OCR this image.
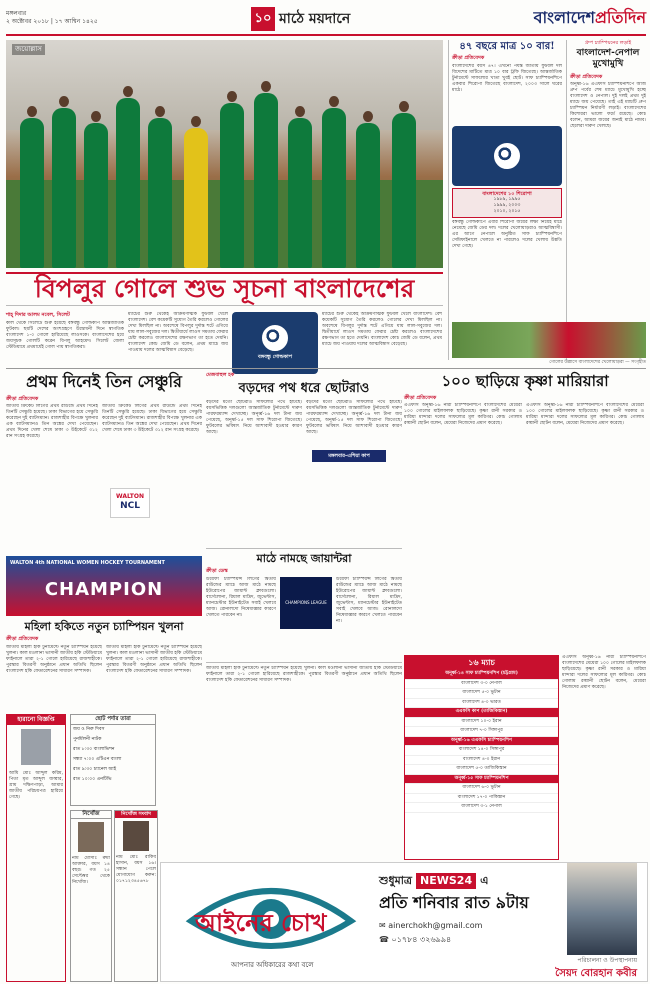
মঙ্গলবার
২ অক্টোবর ২০১৮ | ১৭ আশ্বিন ১৪২৫	১০ মাঠে ময়দানে	বাংলাদেশপ্রতিদিন
জয়োল্লাস
বিপলুর গোলে শুভ সূচনা বাংলাদেশের
শাহ্ দিদার আলম নবেল, সিলেট
কাল থেকে সিলেটে শুরু হয়েছে বঙ্গবন্ধু গোল্ডকাপ আন্তর্জাতিক ফুটবল। ছয়টি দেশের অংশগ্রহণে উদ্বোধনী দিনে স্বাগতিক বাংলাদেশ ১-০ গোলে হারিয়েছে লাওসকে। বাংলাদেশের হয়ে জয়সূচক গোলটি করেন বিপলু আহমেদ। সিলেট জেলা স্টেডিয়ামে প্রথমার্ধেই গোল পায় স্বাগতিকরা।
ম্যাচের শুরু থেকেই আক্রমণাত্মক ফুটবল খেলে বাংলাদেশ। বেশ কয়েকটি সুযোগ তৈরি করলেও গোলের দেখা মিলছিল না। অবশেষে বিপলুর দুর্দান্ত শটে এগিয়ে যায় লাল-সবুজের দল। দ্বিতীয়ার্ধে লাওস সমতায় ফেরার চেষ্টা করলেও বাংলাদেশের রক্ষণভাগ তা হতে দেয়নি। বাংলাদেশ কোচ জেমি ডে বলেন, প্রথম ম্যাচে জয় পাওয়ায় দলের আত্মবিশ্বাস বেড়েছে।
বঙ্গবন্ধু গোল্ডকাপ
ম্যাচের শুরু থেকেই আক্রমণাত্মক ফুটবল খেলে বাংলাদেশ। বেশ কয়েকটি সুযোগ তৈরি করলেও গোলের দেখা মিলছিল না। অবশেষে বিপলুর দুর্দান্ত শটে এগিয়ে যায় লাল-সবুজের দল। দ্বিতীয়ার্ধে লাওস সমতায় ফেরার চেষ্টা করলেও বাংলাদেশের রক্ষণভাগ তা হতে দেয়নি। বাংলাদেশ কোচ জেমি ডে বলেন, প্রথম ম্যাচে জয় পাওয়ায় দলের আত্মবিশ্বাস বেড়েছে।
৪৭ বছরে মাত্র ১০ বার!
ক্রীড়া প্রতিবেদক
বাংলাদেশের বয়স ৪৭। এখনো পর্যন্ত জাতীয় ফুটবল দল বিদেশের মাটিতে মাত্র ১০ বার ট্রফি জিতেছে। আন্তর্জাতিক টুর্নামেন্টে সাফল্যের খাতা খুবই ছোট। সাফ চ্যাম্পিয়নশিপে একবার শিরোপা জিতেছে বাংলাদেশ, ২০০৩ সালে ঘরের মাঠে।
বাংলাদেশের ১০ শিরোপা
১৯৮৯, ১৯৯৫
১৯৯৯, ২০০৩
২০১০, ২০১৫
বঙ্গবন্ধু গোল্ডকাপে এবার শিরোপা জয়ের লক্ষ্য নিয়েই মাঠে নেমেছে জেমি ডের দল। দলের খেলোয়াড়রাও আত্মবিশ্বাসী। এর আগে নেপালে অনুষ্ঠিত সাফ চ্যাম্পিয়নশিপে সেমিফাইনালে খেলতে না পারলেও দলের খেলায় উন্নতি দেখা গেছে।
গ্রুপ চ্যাম্পিয়নের লড়াই
বাংলাদেশ-নেপাল মুখোমুখি
ক্রীড়া প্রতিবেদক
অনূর্ধ্ব-১৬ এএফসি চ্যাম্পিয়নশিপে আজ গ্রুপ পর্বের শেষ ম্যাচে মুখোমুখি হচ্ছে বাংলাদেশ ও নেপাল। দুই দলই প্রথম দুই ম্যাচে জয় পেয়েছে। তাই এই ম্যাচটি গ্রুপ চ্যাম্পিয়ন নির্ধারণী লড়াই। বাংলাদেশের কিশোররা ভালো ফর্মে রয়েছে। কোচ বলেন, আমরা জয়ের জন্যই মাঠে নামব। ছেলেরা দারুণ খেলছে।
গোলের উল্লাসে বাংলাদেশের খেলোয়াড়রা — সংগৃহীত
প্রথম দিনেই তিন সেঞ্চুরি
ক্রীড়া প্রতিবেদক
জাতীয় ক্রিকেট লিগের প্রথম রাউন্ডে প্রথম দিনেই তিনটি সেঞ্চুরি হয়েছে। ঢাকা বিভাগের হয়ে সেঞ্চুরি করেছেন দুই ব্যাটসম্যান। রাজশাহীর বিপক্ষে খুলনার এক ব্যাটসম্যানও তিন অঙ্কের দেখা পেয়েছেন। প্রথম দিনের খেলা শেষে ঢাকা ৩ উইকেটে ৩১২ রান সংগ্রহ করেছে।
জাতীয় ক্রিকেট লিগের প্রথম রাউন্ডে প্রথম দিনেই তিনটি সেঞ্চুরি হয়েছে। ঢাকা বিভাগের হয়ে সেঞ্চুরি করেছেন দুই ব্যাটসম্যান। রাজশাহীর বিপক্ষে খুলনার এক ব্যাটসম্যানও তিন অঙ্কের দেখা পেয়েছেন। প্রথম দিনের খেলা শেষে ঢাকা ৩ উইকেটে ৩১২ রান সংগ্রহ করেছে।
WALTON
NCL
মেজবাহুল হক
বড়দের পথ ধরে ছোটরাও
বড়দের মতো ছোটরাও সাফল্যের পথে হাঁটছে। বয়সভিত্তিক দলগুলো আন্তর্জাতিক টুর্নামেন্টে দারুণ পারফরম্যান্স দেখাচ্ছে। অনূর্ধ্ব-১৬ দল টানা জয় পেয়েছে, অনূর্ধ্ব-১৫ দল সাফ শিরোপা জিতেছে। ফুটবলের ভবিষ্যৎ নিয়ে আশাবাদী হওয়ার কারণ আছে।
বড়দের মতো ছোটরাও সাফল্যের পথে হাঁটছে। বয়সভিত্তিক দলগুলো আন্তর্জাতিক টুর্নামেন্টে দারুণ পারফরম্যান্স দেখাচ্ছে। অনূর্ধ্ব-১৬ দল টানা জয় পেয়েছে, অনূর্ধ্ব-১৫ দল সাফ শিরোপা জিতেছে। ফুটবলের ভবিষ্যৎ নিয়ে আশাবাদী হওয়ার কারণ আছে।
মঙ্গলবার-এশিয়া কাপ
মাঠে নামছে জায়ান্টরা
ক্রীড়া ডেস্ক
উয়েফা চ্যাম্পিয়ন্স লিগের দ্বিতীয় রাউন্ডের ম্যাচে আজ মাঠে নামছে ইউরোপের জায়ান্ট ক্লাবগুলো। বার্সেলোনা, রিয়াল মাদ্রিদ, জুভেন্টাস, ম্যানচেস্টার ইউনাইটেড সবাই খেলবে আজ। রোনালদো নিষেধাজ্ঞার কারণে খেলতে পারবেন না।
CHAMPIONS LEAGUE
উয়েফা চ্যাম্পিয়ন্স লিগের দ্বিতীয় রাউন্ডের ম্যাচে আজ মাঠে নামছে ইউরোপের জায়ান্ট ক্লাবগুলো। বার্সেলোনা, রিয়াল মাদ্রিদ, জুভেন্টাস, ম্যানচেস্টার ইউনাইটেড সবাই খেলবে আজ। রোনালদো নিষেধাজ্ঞার কারণে খেলতে পারবেন না।
১০০ ছাড়িয়ে কৃষ্ণা মারিয়ারা
ক্রীড়া প্রতিবেদক
এএফসি অনূর্ধ্ব-১৬ নারী চ্যাম্পিয়নশিপে বাংলাদেশের মেয়েরা ১০০ গোলের মাইলফলক ছাড়িয়েছে। কৃষ্ণা রানী সরকার ও মারিয়া মান্দারা দলের সাফল্যের মূল কারিগর। কোচ গোলাম রব্বানী ছোটন বলেন, মেয়েরা নিজেদের প্রমাণ করেছে।
এএফসি অনূর্ধ্ব-১৬ নারী চ্যাম্পিয়নশিপে বাংলাদেশের মেয়েরা ১০০ গোলের মাইলফলক ছাড়িয়েছে। কৃষ্ণা রানী সরকার ও মারিয়া মান্দারা দলের সাফল্যের মূল কারিগর। কোচ গোলাম রব্বানী ছোটন বলেন, মেয়েরা নিজেদের প্রমাণ করেছে।
১৬ ম্যাচ
অনূর্ধ্ব-১৪ সাফ চ্যাম্পিয়নশিপ (চট্টগ্রাম)
বাংলাদেশ ৩-০ নেপাল
বাংলাদেশ ৫-০ ভুটান
বাংলাদেশ ৪-০ ভারত
এএফসি কাপ (তাজিকিস্তান)
বাংলাদেশ ১০-০ ইরান
বাংলাদেশ ৭-০ সিঙ্গাপুর
অনূর্ধ্ব-১৬ এএফসি চ্যাম্পিয়নশিপ
বাংলাদেশ ১৪-০ সিঙ্গাপুর
বাংলাদেশ ৪-০ ইরান
বাংলাদেশ ৫-০ তাজিকিস্তান
অনূর্ধ্ব-১৫ সাফ চ্যাম্পিয়নশিপ
বাংলাদেশ ৬-০ ভুটান
বাংলাদেশ ১৭-০ পাকিস্তান
বাংলাদেশ ৩-১ নেপাল
এএফসি অনূর্ধ্ব-১৬ নারী চ্যাম্পিয়নশিপে বাংলাদেশের মেয়েরা ১০০ গোলের মাইলফলক ছাড়িয়েছে। কৃষ্ণা রানী সরকার ও মারিয়া মান্দারা দলের সাফল্যের মূল কারিগর। কোচ গোলাম রব্বানী ছোটন বলেন, মেয়েরা নিজেদের প্রমাণ করেছে।
WALTON 4th NATIONAL WOMEN HOCKEY TOURNAMENT
CHAMPION
মহিলা হকিতে নতুন চ্যাম্পিয়ন খুলনা
ক্রীড়া প্রতিবেদক
জাতীয় মহিলা হকি টুর্নামেন্টে নতুন চ্যাম্পিয়ন হয়েছে খুলনা। কাল মওলানা ভাসানী জাতীয় হকি স্টেডিয়ামে ফাইনালে তারা ২-১ গোলে হারিয়েছে রাজশাহীকে। পুরস্কার বিতরণী অনুষ্ঠানে প্রধান অতিথি ছিলেন বাংলাদেশ হকি ফেডারেশনের সাধারণ সম্পাদক।
জাতীয় মহিলা হকি টুর্নামেন্টে নতুন চ্যাম্পিয়ন হয়েছে খুলনা। কাল মওলানা ভাসানী জাতীয় হকি স্টেডিয়ামে ফাইনালে তারা ২-১ গোলে হারিয়েছে রাজশাহীকে। পুরস্কার বিতরণী অনুষ্ঠানে প্রধান অতিথি ছিলেন বাংলাদেশ হকি ফেডারেশনের সাধারণ সম্পাদক।	জাতীয় মহিলা হকি টুর্নামেন্টে নতুন চ্যাম্পিয়ন হয়েছে খুলনা। কাল মওলানা ভাসানী জাতীয় হকি স্টেডিয়ামে ফাইনালে তারা ২-১ গোলে হারিয়েছে রাজশাহীকে। পুরস্কার বিতরণী অনুষ্ঠানে প্রধান অতিথি ছিলেন বাংলাদেশ হকি ফেডারেশনের সাধারণ সম্পাদক।
হারানো বিজ্ঞপ্তি
আমি মোঃ আব্দুল করিম, পিতা মৃত আব্দুল জব্বার, গ্রাম দক্ষিণপাড়া, আমার জাতীয় পরিচয়পত্র হারিয়ে গেছে।
ছোট পর্দার তারা
জয় ও নিরু দিবস
পুনর্মিলনী নাটক
রাত ৮:৩০ বাংলাভিশন
সন্ধ্যা ৭:০০ এটিএন বাংলা
রাত ৯:৩০ চ্যানেল আই
রাত ১০:০০ এনটিভি
নিখোঁজ
নাম মোসাঃ রুমা আক্তার, বয়স ১৪ বছর। গত ২৫ সেপ্টেম্বর থেকে নিখোঁজ।
নিখোঁজ সংবাদ
নাম মোঃ রাকিব হাসান, বয়স ১৬। সন্ধান পেলে যোগাযোগ করুন: ০১৭১২৩৪৫৬৭৮
আইনের চোখ
আপনার অধিকারের কথা বলে
শুধুমাত্র NEWS24 এ
প্রতি শনিবার রাত ৯টায়
✉ ainerchokh@gmail.com
☎ ০১৭৮৪ ৩২৬৯৯৪
পরিচালনা ও উপস্থাপনায়
সৈয়দ বোরহান কবীর
